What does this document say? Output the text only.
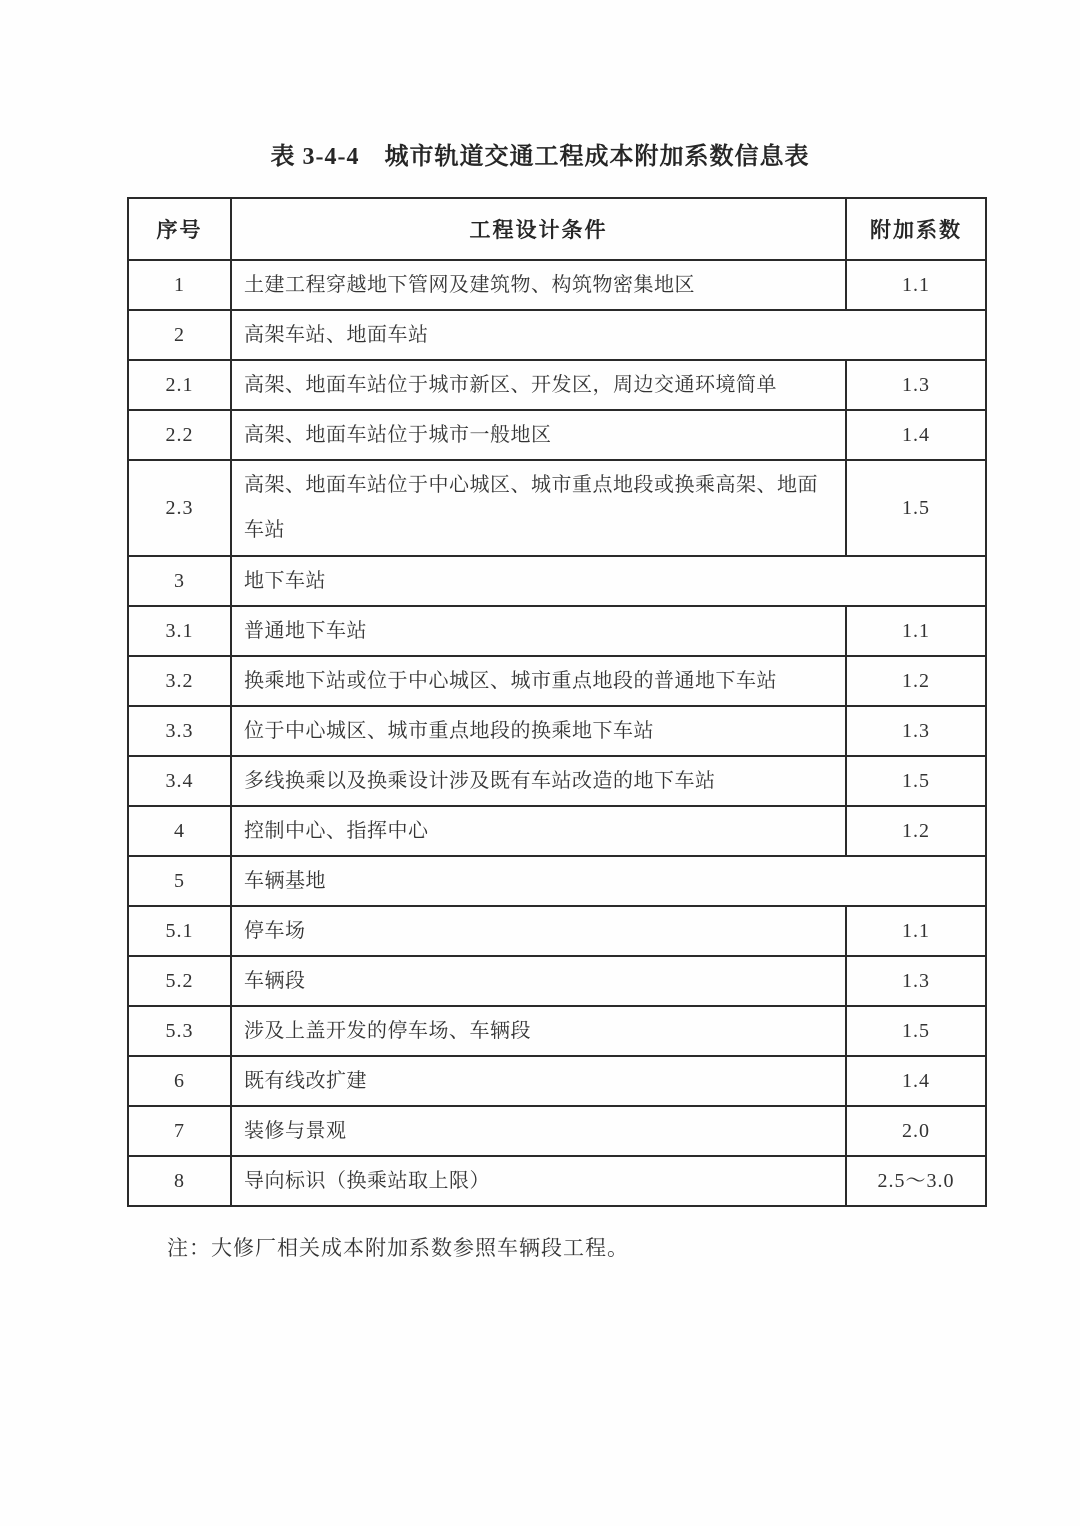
表 3-4-4　城市轨道交通工程成本附加系数信息表
序号	工程设计条件	附加系数
1	土建工程穿越地下管网及建筑物、构筑物密集地区	1.1
2	高架车站、地面车站	
2.1	高架、地面车站位于城市新区、开发区，周边交通环境简单	1.3
2.2	高架、地面车站位于城市一般地区	1.4
2.3	高架、地面车站位于中心城区、城市重点地段或换乘高架、地面车站	1.5
3	地下车站	
3.1	普通地下车站	1.1
3.2	换乘地下站或位于中心城区、城市重点地段的普通地下车站	1.2
3.3	位于中心城区、城市重点地段的换乘地下车站	1.3
3.4	多线换乘以及换乘设计涉及既有车站改造的地下车站	1.5
4	控制中心、指挥中心	1.2
5	车辆基地	
5.1	停车场	1.1
5.2	车辆段	1.3
5.3	涉及上盖开发的停车场、车辆段	1.5
6	既有线改扩建	1.4
7	装修与景观	2.0
8	导向标识（换乘站取上限）	2.5～3.0
注：大修厂相关成本附加系数参照车辆段工程。
